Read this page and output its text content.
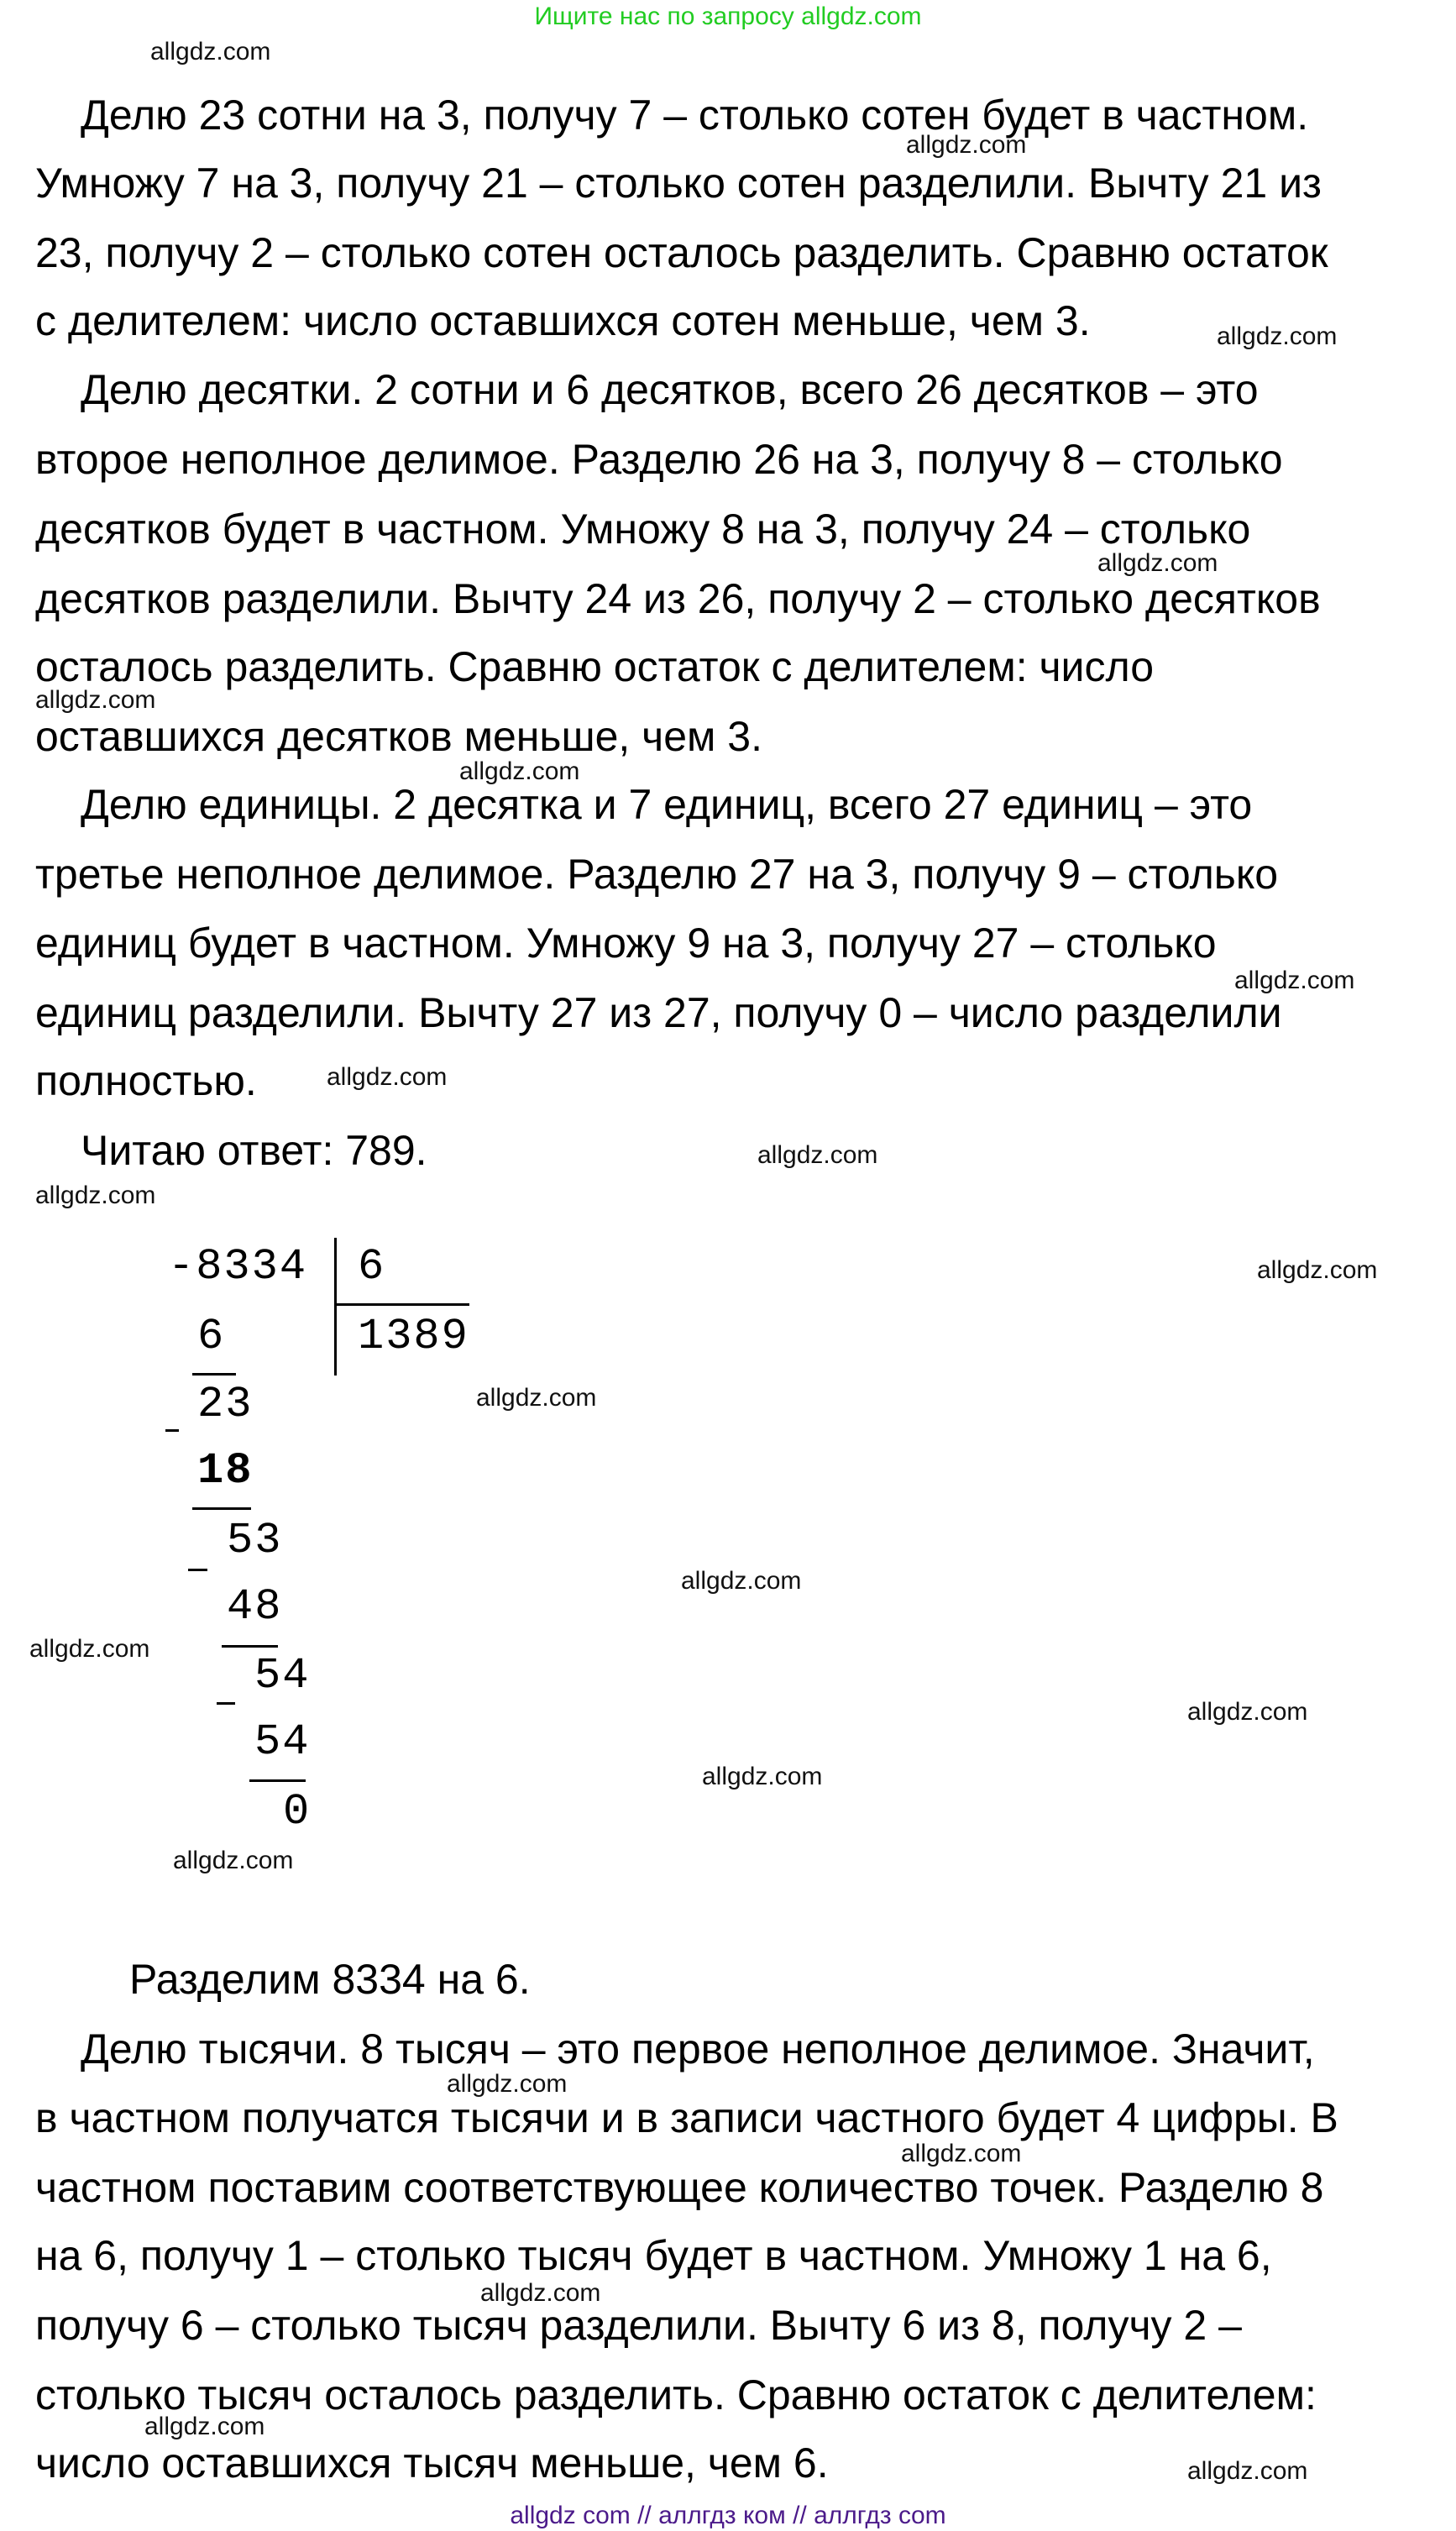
Ищите нас по запросу allgdz.com
Делю 23 сотни на 3, получу 7 – столько сотен будет в частном.
Умножу 7 на 3, получу 21 – столько сотен разделили. Вычту 21 из
23, получу 2 – столько сотен осталось разделить. Сравню остаток
с делителем: число оставшихся сотен меньше, чем 3.
Делю десятки. 2 сотни и 6 десятков, всего 26 десятков – это
второе неполное делимое. Разделю 26 на 3, получу 8 – столько
десятков будет в частном. Умножу 8 на 3, получу 24 – столько
десятков разделили. Вычту 24 из 26, получу 2 – столько десятков
осталось разделить. Сравню остаток с делителем: число
оставшихся десятков меньше, чем 3.
Делю единицы. 2 десятка и 7 единиц, всего 27 единиц – это
третье неполное делимое. Разделю 27 на 3, получу 9 – столько
единиц будет в частном. Умножу 9 на 3, получу 27 – столько
единиц разделили. Вычту 27 из 27, получу 0 – число разделили
полностью.
Читаю ответ: 789.
-8334 6
1389
6
23
18
53
48
54
54
0
Разделим 8334 на 6.
Делю тысячи. 8 тысяч – это первое неполное делимое. Значит,
в частном получатся тысячи и в записи частного будет 4 цифры. В
частном поставим соответствующее количество точек. Разделю 8
на 6, получу 1 – столько тысяч будет в частном. Умножу 1 на 6,
получу 6 – столько тысяч разделили. Вычту 6 из 8, получу 2 –
столько тысяч осталось разделить. Сравню остаток с делителем:
число оставшихся тысяч меньше, чем 6.
allgdz.com
allgdz.com
allgdz.com
allgdz.com
allgdz.com
allgdz.com
allgdz.com
allgdz.com
allgdz.com
allgdz.com
allgdz.com
allgdz.com
allgdz.com
allgdz.com
allgdz.com
allgdz.com
allgdz.com
allgdz.com
allgdz.com
allgdz.com
allgdz.com
allgdz.com
allgdz com // аллгдз ком // аллгдз com
